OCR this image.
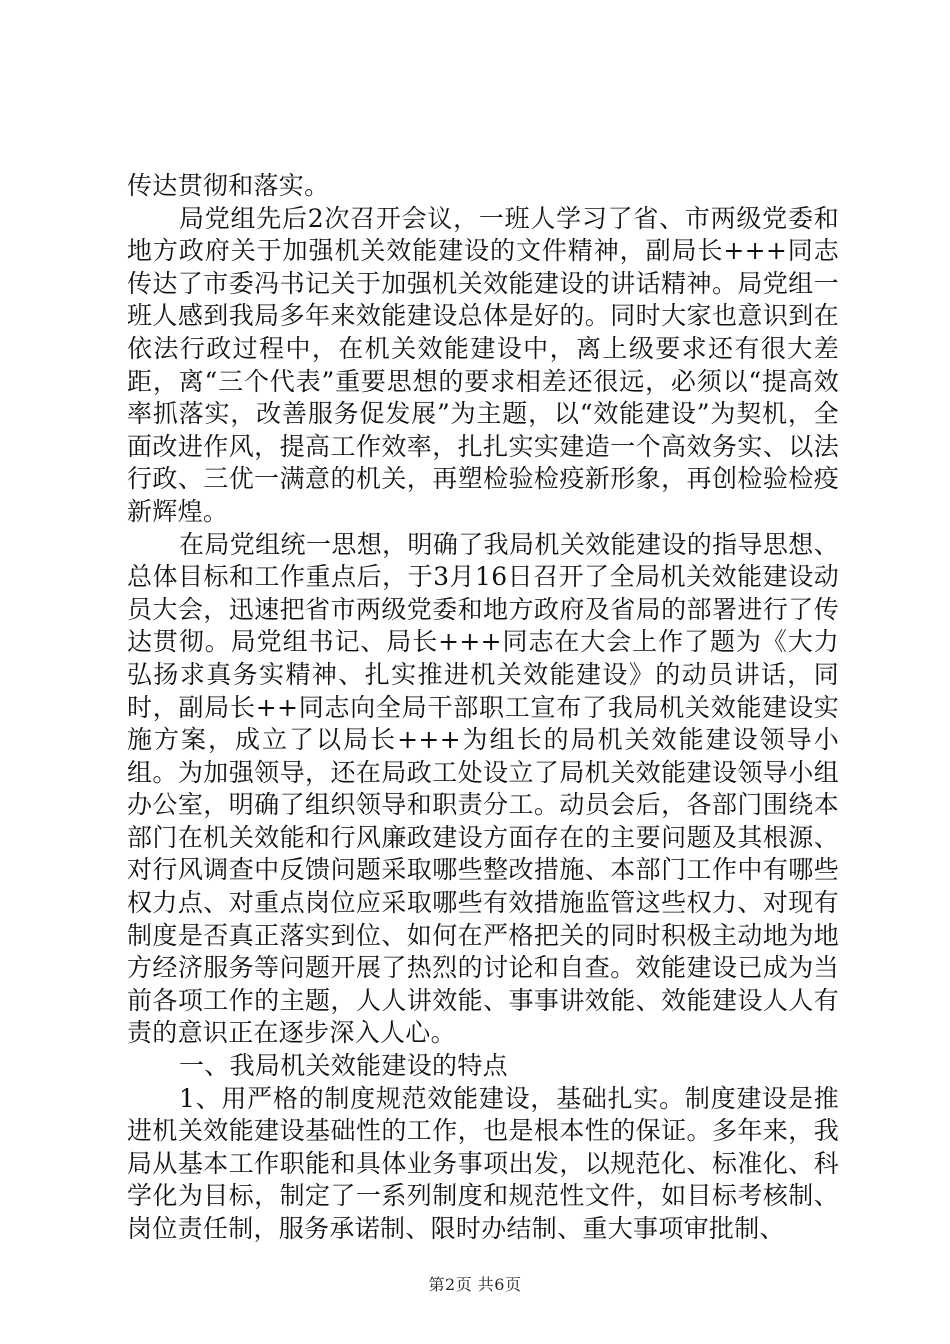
传达贯彻和落实。

局党组先后2次召开会议，一班人学习了省、市两级党委和地方政府关于加强机关效能建设的文件精神，副局长+++同志传达了市委冯书记关于加强机关效能建设的讲话精神。局党组一班人感到我局多年来效能建设总体是好的。同时大家也意识到在依法行政过程中，在机关效能建设中，离上级要求还有很大差距，离“三个代表”重要思想的要求相差还很远，必须以“提高效率抓落实，改善服务促发展”为主题，以“效能建设”为契机，全面改进作风，提高工作效率，扎扎实实建造一个高效务实、以法行政、三优一满意的机关，再塑检验检疫新形象，再创检验检疫新辉煌。

在局党组统一思想，明确了我局机关效能建设的指导思想、总体目标和工作重点后，于3月16日召开了全局机关效能建设动员大会，迅速把省市两级党委和地方政府及省局的部署进行了传达贯彻。局党组书记、局长+++同志在大会上作了题为《大力弘扬求真务实精神、扎实推进机关效能建设》的动员讲话，同时，副局长++同志向全局干部职工宣布了我局机关效能建设实施方案，成立了以局长+++为组长的局机关效能建设领导小组。为加强领导，还在局政工处设立了局机关效能建设领导小组办公室，明确了组织领导和职责分工。动员会后，各部门围绕本部门在机关效能和行风廉政建设方面存在的主要问题及其根源、对行风调查中反馈问题采取哪些整改措施、本部门工作中有哪些权力点、对重点岗位应采取哪些有效措施监管这些权力、对现有制度是否真正落实到位、如何在严格把关的同时积极主动地为地方经济服务等问题开展了热烈的讨论和自查。效能建设已成为当前各项工作的主题，人人讲效能、事事讲效能、效能建设人人有责的意识正在逐步深入人心。

一、我局机关效能建设的特点

1、用严格的制度规范效能建设，基础扎实。制度建设是推进机关效能建设基础性的工作，也是根本性的保证。多年来，我局从基本工作职能和具体业务事项出发，以规范化、标准化、科学化为目标，制定了一系列制度和规范性文件，如目标考核制、岗位责任制，服务承诺制、限时办结制、重大事项审批制、

第2页 共6页
